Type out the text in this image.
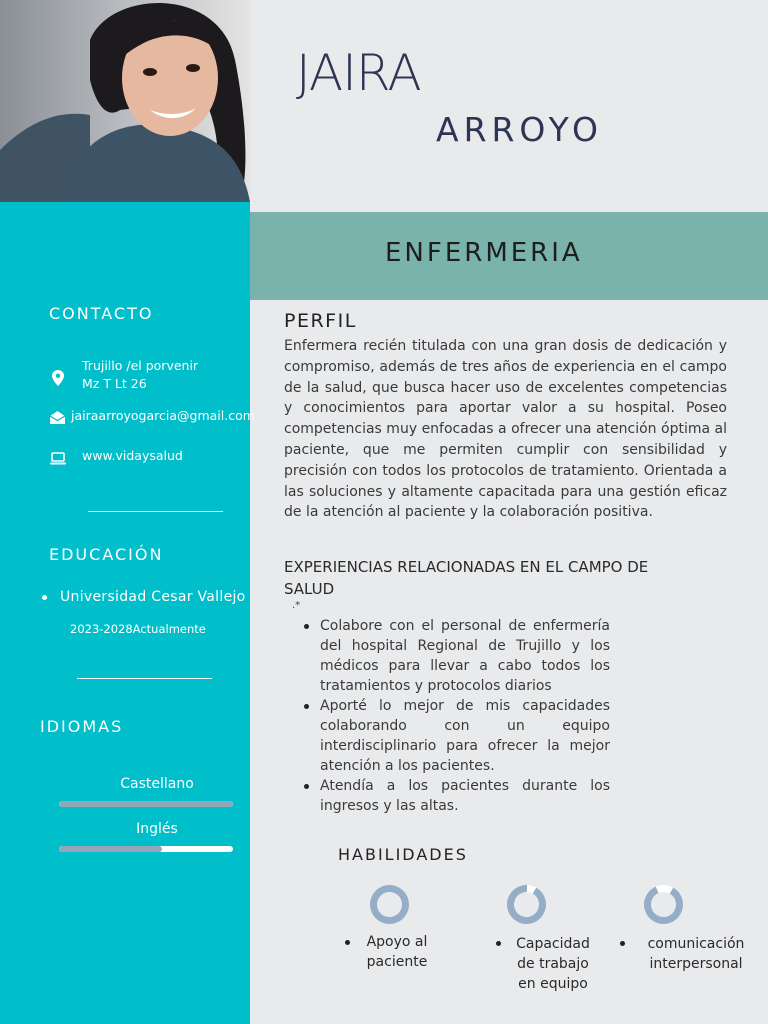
JAIRA
ARROYO
ENFERMERIA
CONTACTO
Trujillo /el porvenir
Mz T Lt 26
jairaarroyogarcia@gmail.com
www.vidaysalud
EDUCACIÓN
Universidad Cesar Vallejo
2023-2028Actualmente
IDIOMAS
Castellano
Inglés
PERFIL
Enfermera recién titulada con una gran dosis de dedicación y compromiso, además de tres años de experiencia en el campo de la salud, que busca hacer uso de excelentes competencias y conocimientos para aportar valor a su hospital. Poseo competencias muy enfocadas a ofrecer una atención óptima al paciente, que me permiten cumplir con sensibilidad y precisión con todos los protocolos de tratamiento. Orientada a las soluciones y altamente capacitada para una gestión eficaz de la atención al paciente y la colaboración positiva.
EXPERIENCIAS RELACIONADAS EN EL CAMPO DE SALUD
.*
Colabore con el personal de enfermería del hospital Regional de Trujillo y los médicos para llevar a cabo todos los tratamientos y protocolos diarios
Aporté lo mejor de mis capacidades colaborando con un equipo interdisciplinario para ofrecer la mejor atención a los pacientes.
Atendía a los pacientes durante los ingresos y las altas.
HABILIDADES
Apoyo al
paciente
Capacidad
de trabajo
en equipo
comunicación
interpersonal
